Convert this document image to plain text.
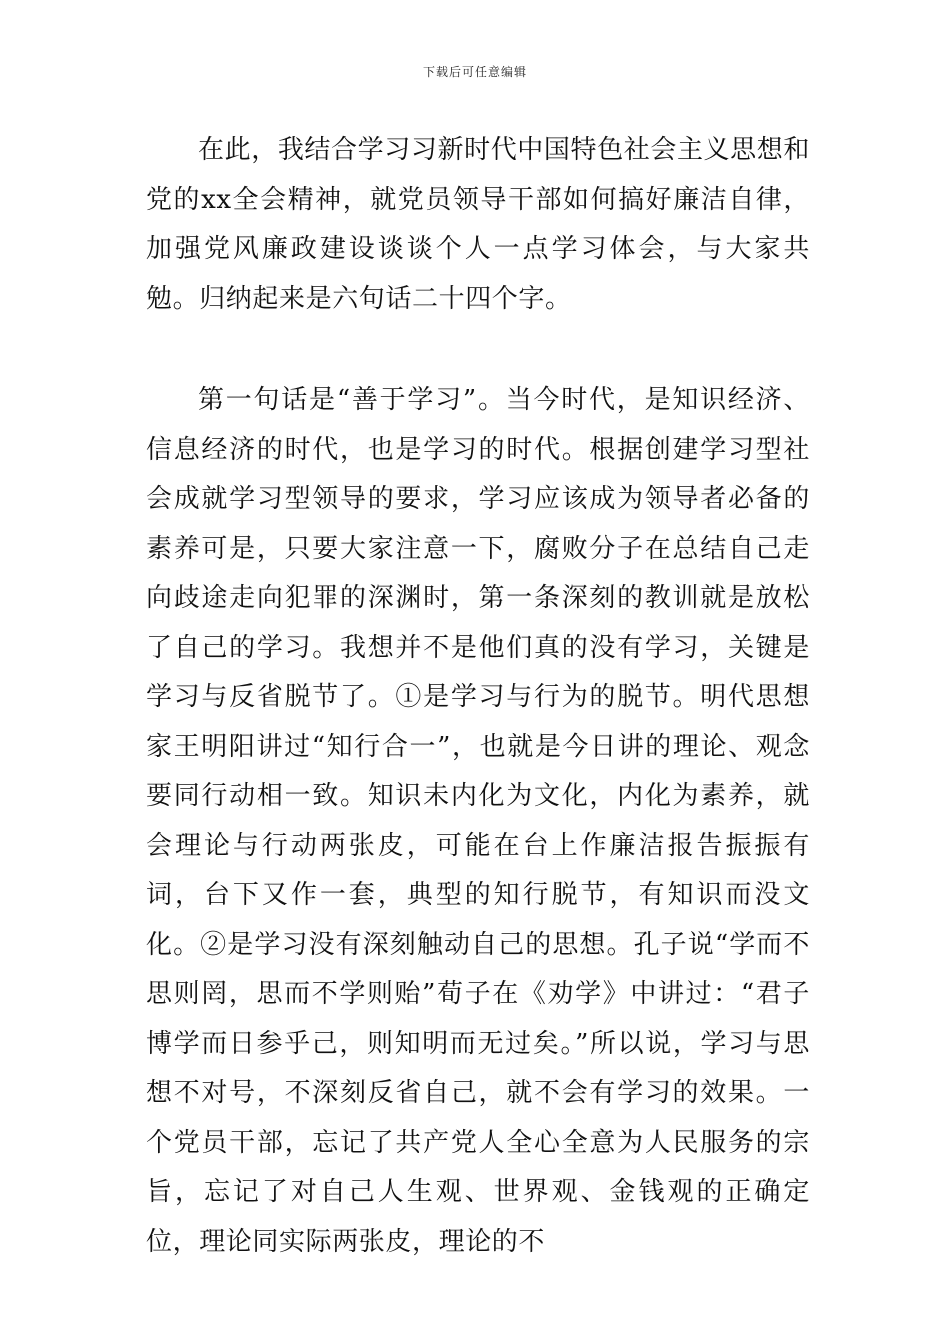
下载后可任意编辑

在此，我结合学习习新时代中国特色社会主义思想和党的xx全会精神，就党员领导干部如何搞好廉洁自律，加强党风廉政建设谈谈个人一点学习体会，与大家共勉。归纳起来是六句话二十四个字。

第一句话是“善于学习”。当今时代，是知识经济、信息经济的时代，也是学习的时代。根据创建学习型社会成就学习型领导的要求，学习应该成为领导者必备的素养可是，只要大家注意一下，腐败分子在总结自己走向歧途走向犯罪的深渊时，第一条深刻的教训就是放松了自己的学习。我想并不是他们真的没有学习，关键是学习与反省脱节了。①是学习与行为的脱节。明代思想家王明阳讲过“知行合一”，也就是今日讲的理论、观念要同行动相一致。知识未内化为文化，内化为素养，就会理论与行动两张皮，可能在台上作廉洁报告振振有词，台下又作一套，典型的知行脱节，有知识而没文化。②是学习没有深刻触动自己的思想。孔子说“学而不思则罔，思而不学则贻”荀子在《劝学》中讲过：“君子博学而日参乎己，则知明而无过矣。”所以说，学习与思想不对号，不深刻反省自己，就不会有学习的效果。一个党员干部，忘记了共产党人全心全意为人民服务的宗旨，忘记了对自己人生观、世界观、金钱观的正确定位，理论同实际两张皮，理论的不
